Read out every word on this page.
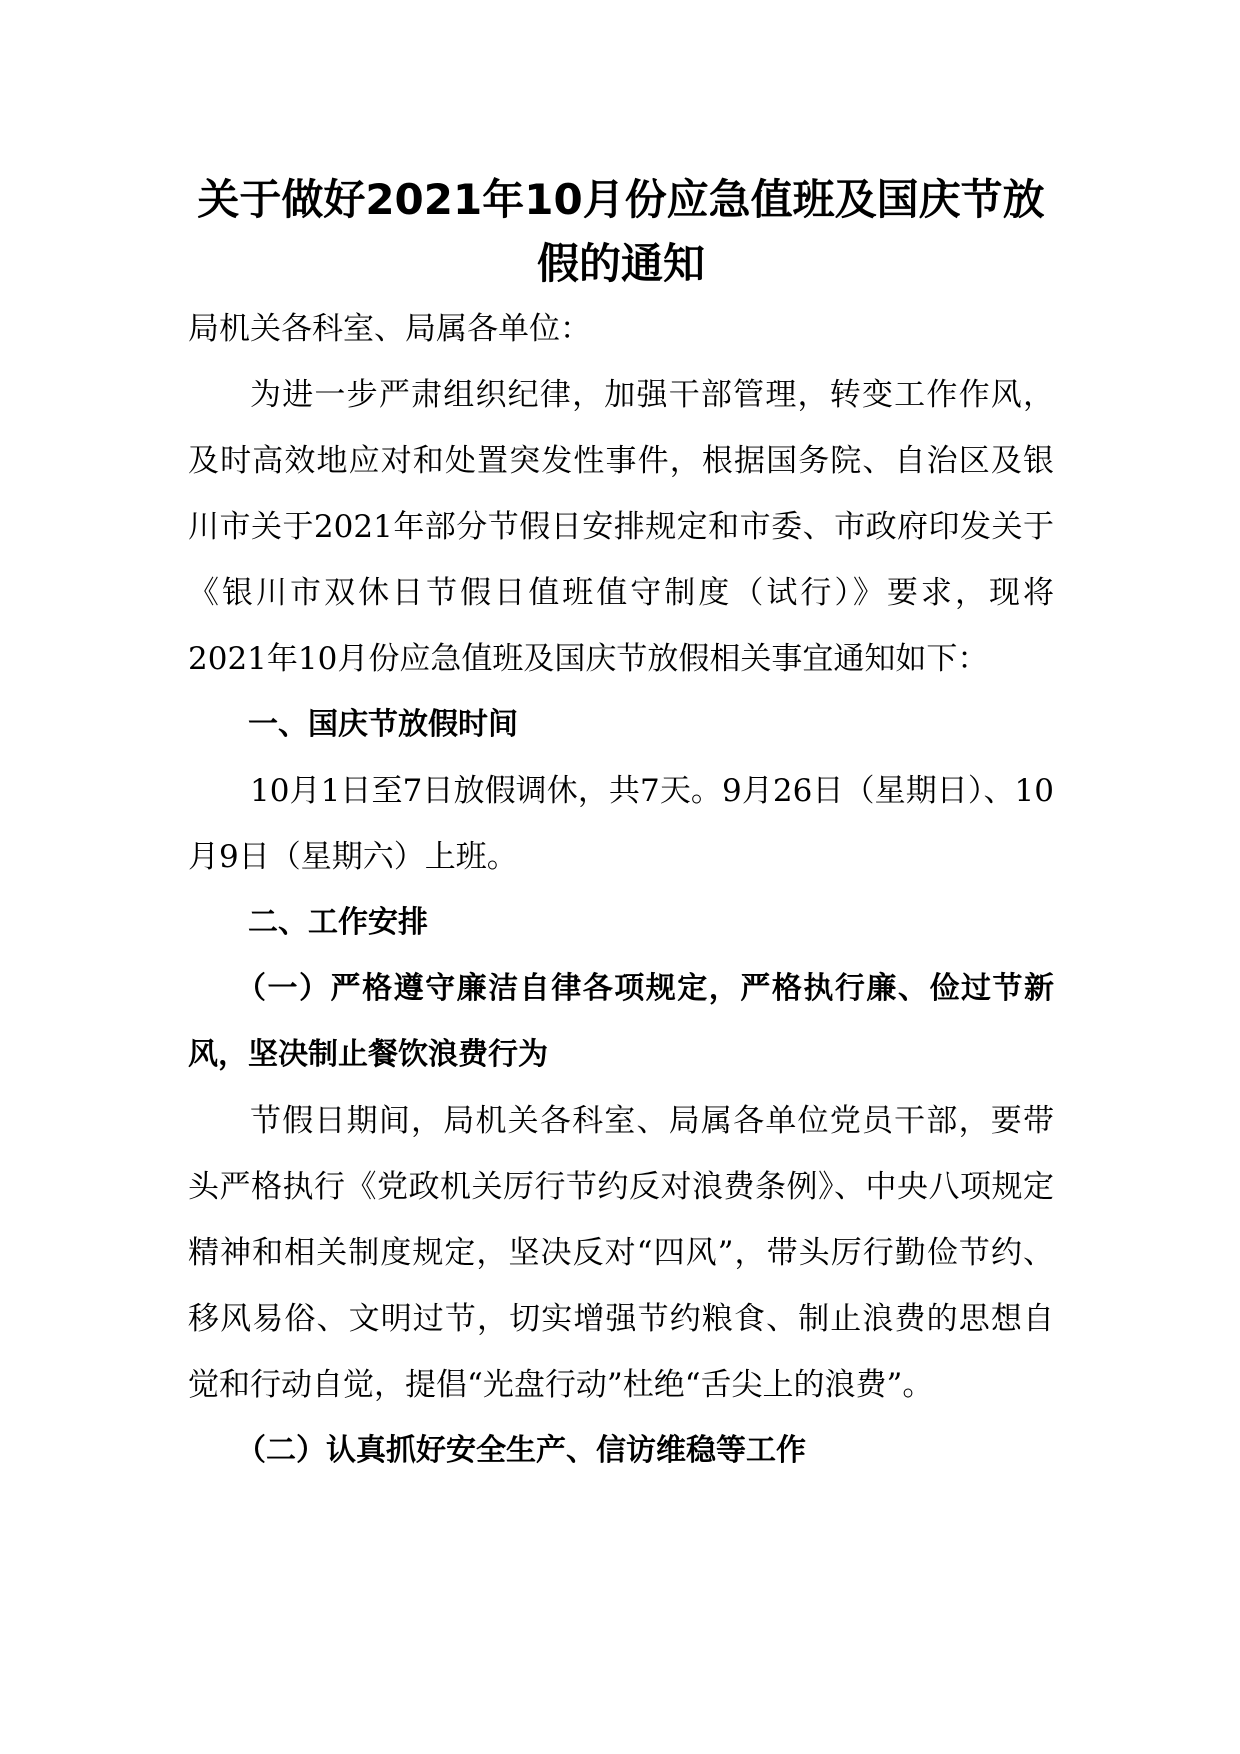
关于做好2021年10月份应急值班及国庆节放假的通知

局机关各科室、局属各单位：

为进一步严肃组织纪律，加强干部管理，转变工作作风，及时高效地应对和处置突发性事件，根据国务院、自治区及银川市关于2021年部分节假日安排规定和市委、市政府印发关于《银川市双休日节假日值班值守制度（试行）》要求，现将2021年10月份应急值班及国庆节放假相关事宜通知如下：

一、国庆节放假时间

10月1日至7日放假调休，共7天。9月26日（星期日）、10月9日（星期六）上班。

二、工作安排

（一）严格遵守廉洁自律各项规定，严格执行廉、俭过节新风，坚决制止餐饮浪费行为

节假日期间，局机关各科室、局属各单位党员干部，要带头严格执行《党政机关厉行节约反对浪费条例》、中央八项规定精神和相关制度规定，坚决反对“四风”，带头厉行勤俭节约、移风易俗、文明过节，切实增强节约粮食、制止浪费的思想自觉和行动自觉，提倡“光盘行动”杜绝“舌尖上的浪费”。

（二）认真抓好安全生产、信访维稳等工作
